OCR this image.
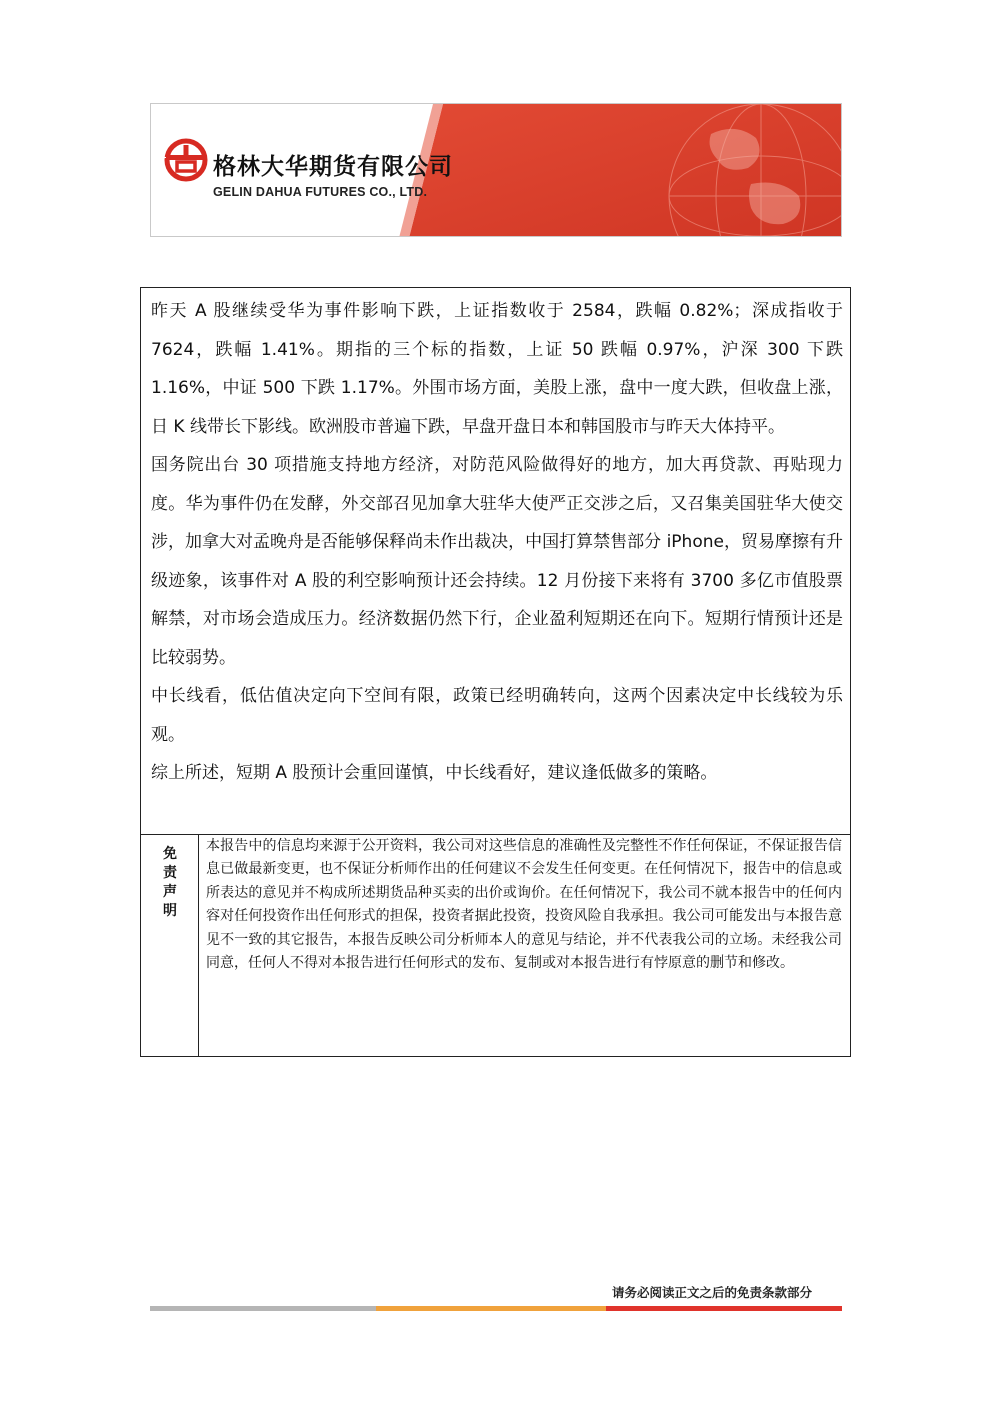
格林大华期货有限公司
GELIN DAHUA FUTURES CO., LTD.

昨天 A 股继续受华为事件影响下跌，上证指数收于 2584，跌幅 0.82%；深成指收于 7624，跌幅 1.41%。期指的三个标的指数，上证 50 跌幅 0.97%，沪深 300 下跌 1.16%，中证 500 下跌 1.17%。外围市场方面，美股上涨，盘中一度大跌，但收盘上涨，日 K 线带长下影线。欧洲股市普遍下跌，早盘开盘日本和韩国股市与昨天大体持平。

国务院出台 30 项措施支持地方经济，对防范风险做得好的地方，加大再贷款、再贴现力度。华为事件仍在发酵，外交部召见加拿大驻华大使严正交涉之后，又召集美国驻华大使交涉，加拿大对孟晚舟是否能够保释尚未作出裁决，中国打算禁售部分 iPhone，贸易摩擦有升级迹象，该事件对 A 股的利空影响预计还会持续。12 月份接下来将有 3700 多亿市值股票解禁，对市场会造成压力。经济数据仍然下行，企业盈利短期还在向下。短期行情预计还是比较弱势。

中长线看，低估值决定向下空间有限，政策已经明确转向，这两个因素决定中长线较为乐观。

综上所述，短期 A 股预计会重回谨慎，中长线看好，建议逢低做多的策略。

免责声明

本报告中的信息均来源于公开资料，我公司对这些信息的准确性及完整性不作任何保证，不保证报告信息已做最新变更，也不保证分析师作出的任何建议不会发生任何变更。在任何情况下，报告中的信息或所表达的意见并不构成所述期货品种买卖的出价或询价。在任何情况下，我公司不就本报告中的任何内容对任何投资作出任何形式的担保，投资者据此投资，投资风险自我承担。我公司可能发出与本报告意见不一致的其它报告，本报告反映公司分析师本人的意见与结论，并不代表我公司的立场。未经我公司同意，任何人不得对本报告进行任何形式的发布、复制或对本报告进行有悖原意的删节和修改。

请务必阅读正文之后的免责条款部分
